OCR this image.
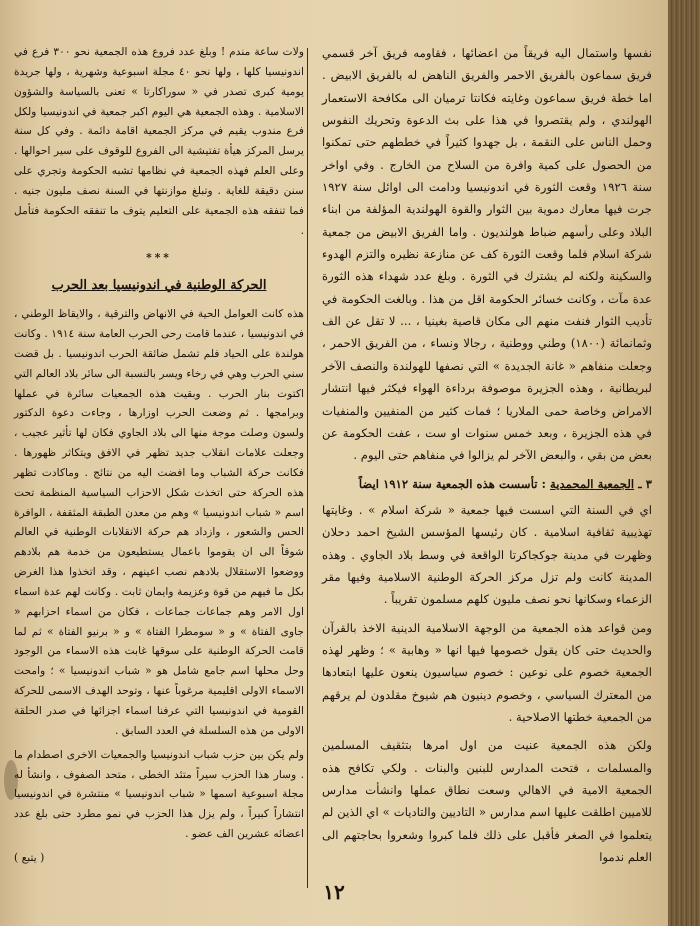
نفسها واستمال اليه فريقاً من اعضائها ، فقاومه فريق آخر قسمي فريق سماعون بالفريق الاحمر والفريق الناهض له بالفريق الابيض . اما خطة فريق سماعون وغايته فكانتا ترميان الى مكافحة الاستعمار الهولندي ، ولم يقتصروا في هذا على بث الدعوة وتحريك النفوس وحمل الناس على النقمة ، بل جهدوا كثيراً في خططهم حتى تمكنوا من الحصول على كمية وافرة من السلاح من الخارج . وفي اواخر سنة ١٩٢٦ وقعت الثورة في اندونيسيا ودامت الى اوائل سنة ١٩٢٧ جرت فيها معارك دموية بين الثوار والقوة الهولندية المؤلفة من ابناء البلاد وعلى رأسهم ضباط هولنديون . واما الفريق الابيض من جمعية شركة اسلام فلما وقعت الثورة كف عن منازعة نظيره والتزم الهدوء والسكينة ولكنه لم يشترك في الثورة . وبلغ عدد شهداء هذه الثورة عدة مآت ، وكانت خسائر الحكومة اقل من هذا . وبالغت الحكومة في تأديب الثوار فنفت منهم الى مكان قاصية بغينيا ، ... لا تقل عن الف وثمانمائة (١٨٠٠) وطني ووطنية ، رجالا ونساء ، من الفريق الاحمر ، وجعلت منفاهم « غانة الجديدة » التي نصفها للهولندة والنصف الآخر لبريطانية ، وهذه الجزيرة موصوفة برداءة الهواء فيكثر فيها انتشار الامراض وخاصة حمى الملاريا ؛ فمات كثير من المنفيين والمنفيات في هذه الجزيرة ، وبعد خمس سنوات او ست ، عفت الحكومة عن بعض من بقي ، والبعض الآخر لم يزالوا في منفاهم حتى اليوم .

٣ ـ الجمعية المحمدية : تأسست هذه الجمعية سنة ١٩١٢ ايضاً

اي في السنة التي اسست فيها جمعية « شركة اسلام » . وغايتها تهذيبية ثقافية اسلامية . كان رئيسها المؤسس الشيخ احمد دحلان وظهرت في مدينة جوكجاكرتا الواقعة في وسط بلاد الجاوي . وهذه المدينة كانت ولم تزل مركز الحركة الوطنية الاسلامية وفيها مقر الزعماء وسكانها نحو نصف مليون كلهم مسلمون تقريباً .

ومن قواعد هذه الجمعية من الوجهة الاسلامية الدينية الاخذ بالقرآن والحديث حتى كان يقول خصومها فيها انها « وهابية » ؛ وظهر لهذه الجمعية خصوم على نوعين : خصوم سياسيون ينعون عليها ابتعادها من المعترك السياسي ، وخصوم دينيون هم شيوخ مقلدون لم يرقهم من الجمعية خطتها الاصلاحية .

ولكن هذه الجمعية عنيت من اول امرها بتثقيف المسلمين والمسلمات ، فتحت المدارس للبنين والبنات . ولكي تكافح هذه الجمعية الامية في الاهالي وسعت نطاق عملها وانشأت مدارس للاميين اطلقت عليها اسم مدارس « التاديين والتاديات » اي الذين لم يتعلموا في الصغر فأقبل على ذلك فلما كبروا وشعروا بحاجتهم الى العلم ندموا

ولات ساعة مندم ! وبلغ عدد فروع هذه الجمعية نحو ٣٠٠ فرع في اندونيسيا كلها ، ولها نحو ٤٠ مجلة اسبوعية وشهرية ، ولها جريدة يومية كبرى تصدر في « سوراكارتا » تعنى بالسياسة والشؤون الاسلامية . وهذه الجمعية هي اليوم اكبر جمعية في اندونيسيا ولكل فرع مندوب يقيم في مركز الجمعية اقامة دائمة . وفي كل سنة يرسل المركز هيأة تفتيشية الى الفروع للوقوف على سير احوالها . وعلى العلم فهذه الجمعية في نظامها تشبه الحكومة وتجري على سنن دقيقة للغاية . وتبلغ موازنتها في السنة نصف مليون جنيه . فما تنفقه هذه الجمعية على التعليم يتوف ما تنفقه الحكومة فتأمل .

***
الحركة الوطنية في اندونيسيا بعد الحرب

هذه كانت العوامل الحية في الانهاض والترقية ، والايقاظ الوطني ، في اندونيسيا ، عندما قامت رحى الحرب العامة سنة ١٩١٤ . وكانت هولندة على الحياد فلم تشمل ضائقة الحرب اندونيسيا . بل قضت سني الحرب وهي في رخاء ويسر بالنسبة الى سائر بلاد العالم التي اكتوت بنار الحرب . وبقيت هذه الجمعيات سائرة في عملها وبرامجها . ثم وضعت الحرب اوزارها ، وجاءت دعوة الدكتور ولسون وصلت موجة منها الى بلاد الجاوي فكان لها تأثير عجيب ، وجعلت علامات انقلاب جديد تظهر في الافق ويتكاثر ظهورها . فكانت حركة الشباب وما افضت اليه من نتائج . وماكادت تظهر هذه الحركة حتى اتخذت شكل الاحزاب السياسية المنظمة تحت اسم « شباب اندونيسيا » وهم من معدن الطبقة المثقفة ، الوافرة الحس والشعور ، وازداد هم حركة الانقلابات الوطنية في العالم شوقاً الى ان يقوموا باعمال يستطيعون من خدمة هم بلادهم ووضعوا الاستقلال بلادهم نصب اعينهم ، وقد اتخذوا هذا الغرض بكل ما فيهم من قوة وعزيمة وايمان ثابت . وكانت لهم عدة اسماء اول الامر وهم جماعات جماعات ، فكان من اسماء احزابهم « جاوى الفتاة » و « سومطرا الفتاة » و « برنيو الفتاة » ثم لما قامت الحركة الوطنية على سوقها غابت هذه الاسماء من الوجود وحل محلها اسم جامع شامل هو « شباب اندونيسيا » ؛ وامحت الاسماء الاولى اقليمية مرغوباً عنها ، وتوحد الهدف الاسمى للحركة القومية في اندونيسيا التي عرفنا اسماء اجزائها في صدر الحلقة الاولى من هذه السلسلة في العدد السابق .

ولم يكن بين حزب شباب اندونيسيا والجمعيات الاخرى اصطدام ما . وسار هذا الحزب سيراً متئد الخطى ، متحد الصفوف ، وانشأ له مجلة اسبوعية اسمها « شباب اندونيسيا » منتشرة في اندونيسيا انتشاراً كبيراً ، ولم يزل هذا الحزب في نمو مطرد حتى بلغ عدد اعضائه عشرين الف عضو .

( يتبع )
١٢
